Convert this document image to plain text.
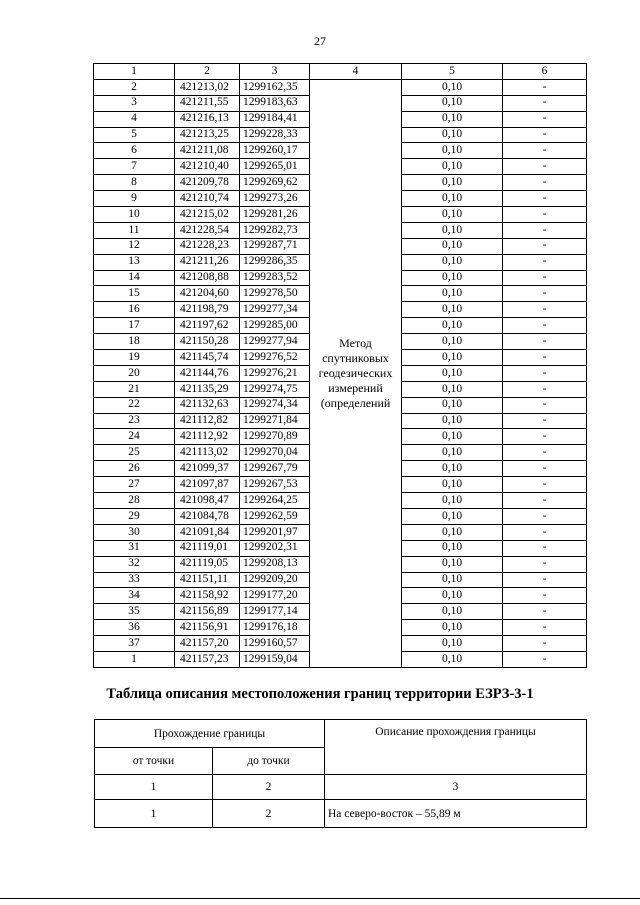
27
1	2	3	4	5	6
2	421213,02	1299162,35	Метод спутниковых геодезических измерений (определений	0,10	-
3	421211,55	1299183,63		0,10	-
4	421216,13	1299184,41		0,10	-
5	421213,25	1299228,33		0,10	-
6	421211,08	1299260,17		0,10	-
7	421210,40	1299265,01		0,10	-
8	421209,78	1299269,62		0,10	-
9	421210,74	1299273,26		0,10	-
10	421215,02	1299281,26		0,10	-
11	421228,54	1299282,73		0,10	-
12	421228,23	1299287,71		0,10	-
13	421211,26	1299286,35		0,10	-
14	421208,88	1299283,52		0,10	-
15	421204,60	1299278,50		0,10	-
16	421198,79	1299277,34		0,10	-
17	421197,62	1299285,00		0,10	-
18	421150,28	1299277,94		0,10	-
19	421145,74	1299276,52		0,10	-
20	421144,76	1299276,21		0,10	-
21	421135,29	1299274,75		0,10	-
22	421132,63	1299274,34		0,10	-
23	421112,82	1299271,84		0,10	-
24	421112,92	1299270,89		0,10	-
25	421113,02	1299270,04		0,10	-
26	421099,37	1299267,79		0,10	-
27	421097,87	1299267,53		0,10	-
28	421098,47	1299264,25		0,10	-
29	421084,78	1299262,59		0,10	-
30	421091,84	1299201,97		0,10	-
31	421119,01	1299202,31		0,10	-
32	421119,05	1299208,13		0,10	-
33	421151,11	1299209,20		0,10	-
34	421158,92	1299177,20		0,10	-
35	421156,89	1299177,14		0,10	-
36	421156,91	1299176,18		0,10	-
37	421157,20	1299160,57		0,10	-
1	421157,23	1299159,04		0,10	-
Таблица описания местоположения границ территории ЕЗРЗ-3-1
Прохождение границы		Описание прохождения границы
от точки	до точки	
1	2	3
1	2	На северо-восток – 55,89 м
